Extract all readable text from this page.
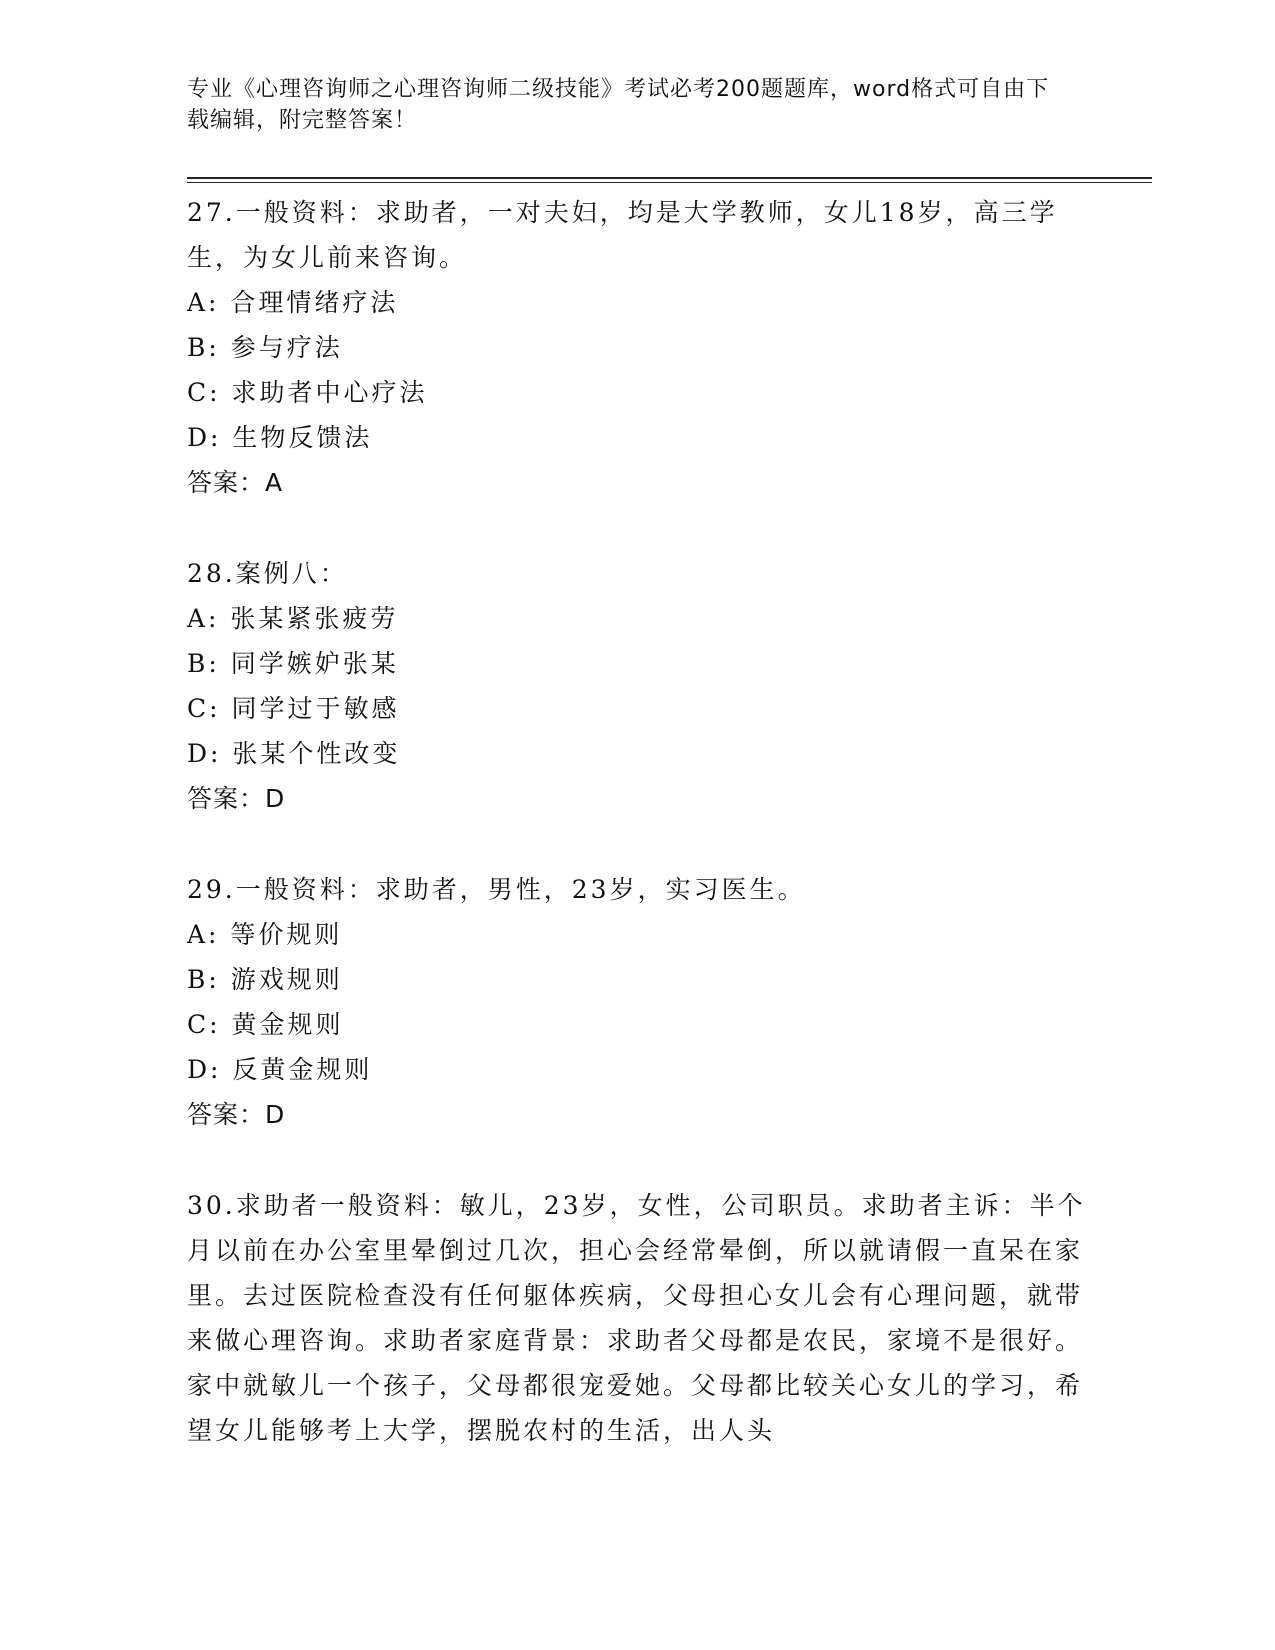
专业《心理咨询师之心理咨询师二级技能》考试必考200题题库，word格式可自由下载编辑，附完整答案！
27.一般资料：求助者，一对夫妇，均是大学教师，女儿18岁，高三学生，为女儿前来咨询。
A: 合理情绪疗法
B: 参与疗法
C: 求助者中心疗法
D: 生物反馈法
答案：A
28.案例八：
A: 张某紧张疲劳
B: 同学嫉妒张某
C: 同学过于敏感
D: 张某个性改变
答案：D
29.一般资料：求助者，男性，23岁，实习医生。
A: 等价规则
B: 游戏规则
C: 黄金规则
D: 反黄金规则
答案：D
30.求助者一般资料：敏儿，23岁，女性，公司职员。求助者主诉：半个月以前在办公室里晕倒过几次，担心会经常晕倒，所以就请假一直呆在家里。去过医院检查没有任何躯体疾病，父母担心女儿会有心理问题，就带来做心理咨询。求助者家庭背景：求助者父母都是农民，家境不是很好。家中就敏儿一个孩子，父母都很宠爱她。父母都比较关心女儿的学习，希望女儿能够考上大学，摆脱农村的生活，出人头
